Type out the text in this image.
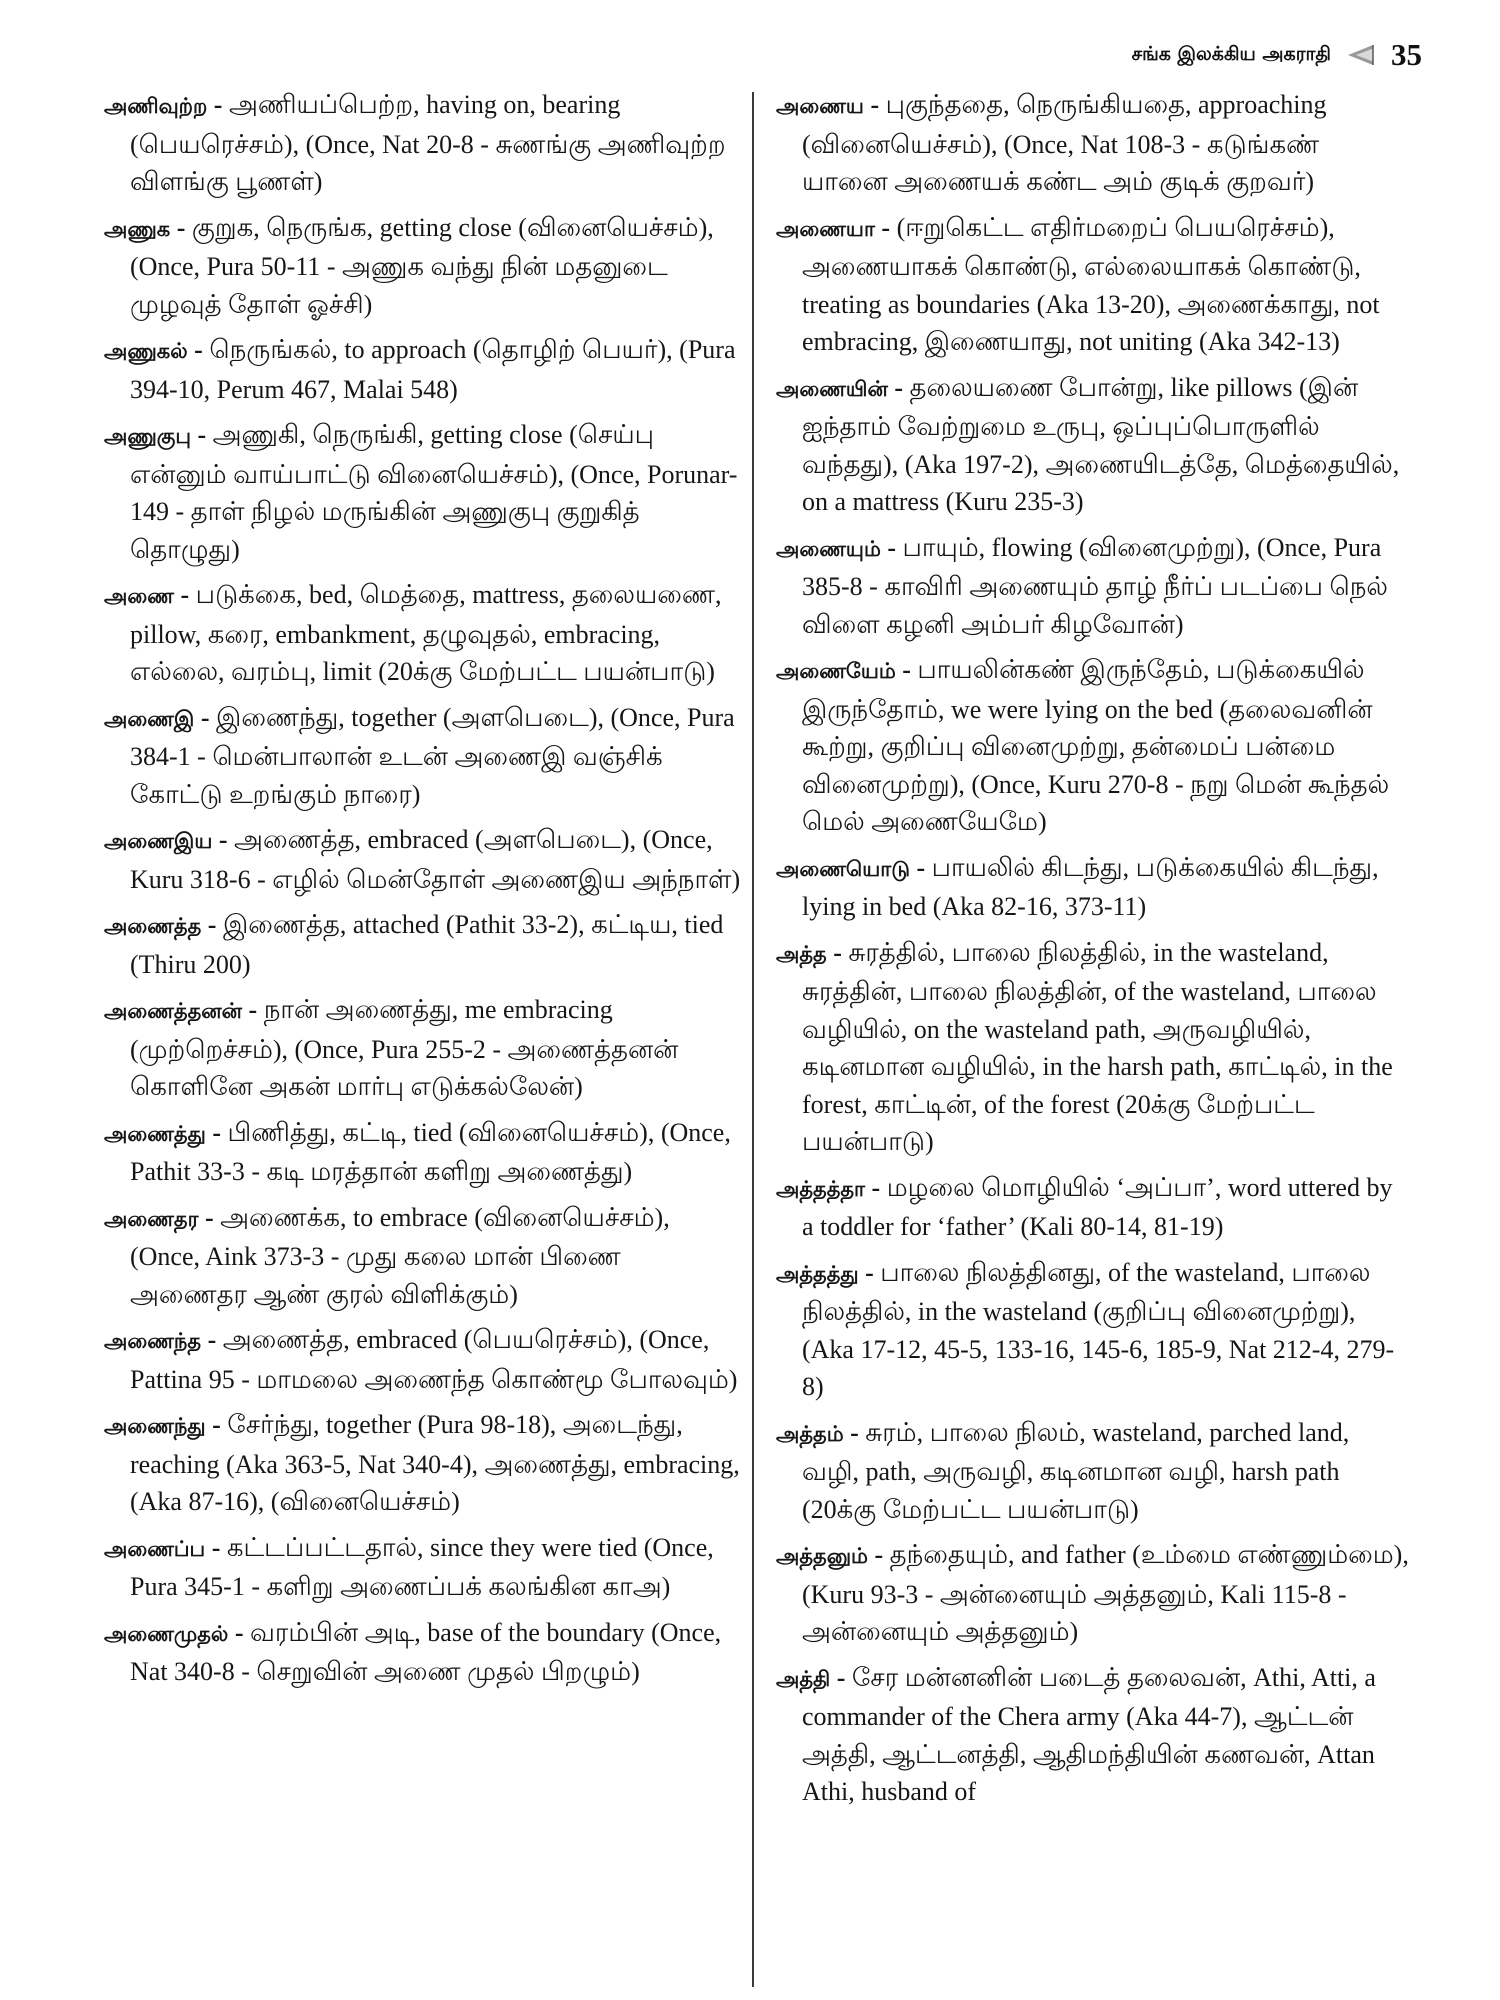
சங்க இலக்கிய அகராதி 35

அணிவுற்ற - அணியப்பெற்ற, having on, bearing (பெயரெச்சம்), (Once, Nat 20-8 - சுணங்கு அணிவுற்ற விளங்கு பூணள்)

அணுக - குறுக, நெருங்க, getting close (வினையெச்சம்), (Once, Pura 50-11 - அணுக வந்து நின் மதனுடை முழவுத் தோள் ஓச்சி)

அணுகல் - நெருங்கல், to approach (தொழிற் பெயர்), (Pura 394-10, Perum 467, Malai 548)

அணுகுபு - அணுகி, நெருங்கி, getting close (செய்பு என்னும் வாய்பாட்டு வினையெச்சம்), (Once, Porunar-149 - தாள் நிழல் மருங்கின் அணுகுபு குறுகித் தொழுது)

அணை - படுக்கை, bed, மெத்தை, mattress, தலையணை, pillow, கரை, embankment, தழுவுதல், embracing, எல்லை, வரம்பு, limit (20க்கு மேற்பட்ட பயன்பாடு)

அணைஇ - இணைந்து, together (அளபெடை), (Once, Pura 384-1 - மென்பாலான் உடன் அணைஇ வஞ்சிக் கோட்டு உறங்கும் நாரை)

அணைஇய - அணைத்த, embraced (அளபெடை), (Once, Kuru 318-6 - எழில் மென்தோள் அணைஇய அந்நாள்)

அணைத்த - இணைத்த, attached (Pathit 33-2), கட்டிய, tied (Thiru 200)

அணைத்தனன் - நான் அணைத்து, me embracing (முற்றெச்சம்), (Once, Pura 255-2 - அணைத்தனன் கொளினே அகன் மார்பு எடுக்கல்லேன்)

அணைத்து - பிணித்து, கட்டி, tied (வினையெச்சம்), (Once, Pathit 33-3 - கடி மரத்தான் களிறு அணைத்து)

அணைதர - அணைக்க, to embrace (வினையெச்சம்), (Once, Aink 373-3 - முது கலை மான் பிணை அணைதர ஆண் குரல் விளிக்கும்)

அணைந்த - அணைத்த, embraced (பெயரெச்சம்), (Once, Pattina 95 - மாமலை அணைந்த கொண்மூ போலவும்)

அணைந்து - சேர்ந்து, together (Pura 98-18), அடைந்து, reaching (Aka 363-5, Nat 340-4), அணைத்து, embracing, (Aka 87-16), (வினையெச்சம்)

அணைப்ப - கட்டப்பட்டதால், since they were tied (Once, Pura 345-1 - களிறு அணைப்பக் கலங்கின காஅ)

அணைமுதல் - வரம்பின் அடி, base of the boundary (Once, Nat 340-8 - செறுவின் அணை முதல் பிறழும்)

அணைய - புகுந்ததை, நெருங்கியதை, approaching (வினையெச்சம்), (Once, Nat 108-3 - கடுங்கண் யானை அணையக் கண்ட அம் குடிக் குறவர்)

அணையா - (ஈறுகெட்ட எதிர்மறைப் பெயரெச்சம்), அணையாகக் கொண்டு, எல்லையாகக் கொண்டு, treating as boundaries (Aka 13-20), அணைக்காது, not embracing, இணையாது, not uniting (Aka 342-13)

அணையின் - தலையணை போன்று, like pillows (இன் ஐந்தாம் வேற்றுமை உருபு, ஒப்புப்பொருளில் வந்தது), (Aka 197-2), அணையிடத்தே, மெத்தையில், on a mattress (Kuru 235-3)

அணையும் - பாயும், flowing (வினைமுற்று), (Once, Pura 385-8 - காவிரி அணையும் தாழ் நீர்ப் படப்பை நெல் விளை கழனி அம்பர் கிழவோன்)

அணையேம் - பாயலின்கண் இருந்தேம், படுக்கையில் இருந்தோம், we were lying on the bed (தலைவனின் கூற்று, குறிப்பு வினைமுற்று, தன்மைப் பன்மை வினைமுற்று), (Once, Kuru 270-8 - நறு மென் கூந்தல் மெல் அணையேமே)

அணையொடு - பாயலில் கிடந்து, படுக்கையில் கிடந்து, lying in bed (Aka 82-16, 373-11)

அத்த - சுரத்தில், பாலை நிலத்தில், in the wasteland, சுரத்தின், பாலை நிலத்தின், of the wasteland, பாலை வழியில், on the wasteland path, அருவழியில், கடினமான வழியில், in the harsh path, காட்டில், in the forest, காட்டின், of the forest (20க்கு மேற்பட்ட பயன்பாடு)

அத்தத்தா - மழலை மொழியில் ‘அப்பா’, word uttered by a toddler for ‘father’ (Kali 80-14, 81-19)

அத்தத்து - பாலை நிலத்தினது, of the wasteland, பாலை நிலத்தில், in the wasteland (குறிப்பு வினைமுற்று), (Aka 17-12, 45-5, 133-16, 145-6, 185-9, Nat 212-4, 279-8)

அத்தம் - சுரம், பாலை நிலம், wasteland, parched land, வழி, path, அருவழி, கடினமான வழி, harsh path (20க்கு மேற்பட்ட பயன்பாடு)

அத்தனும் - தந்தையும், and father (உம்மை எண்ணும்மை), (Kuru 93-3 - அன்னையும் அத்தனும், Kali 115-8 - அன்னையும் அத்தனும்)

அத்தி - சேர மன்னனின் படைத் தலைவன், Athi, Atti, a commander of the Chera army (Aka 44-7), ஆட்டன் அத்தி, ஆட்டனத்தி, ஆதிமந்தியின் கணவன், Attan Athi, husband of
